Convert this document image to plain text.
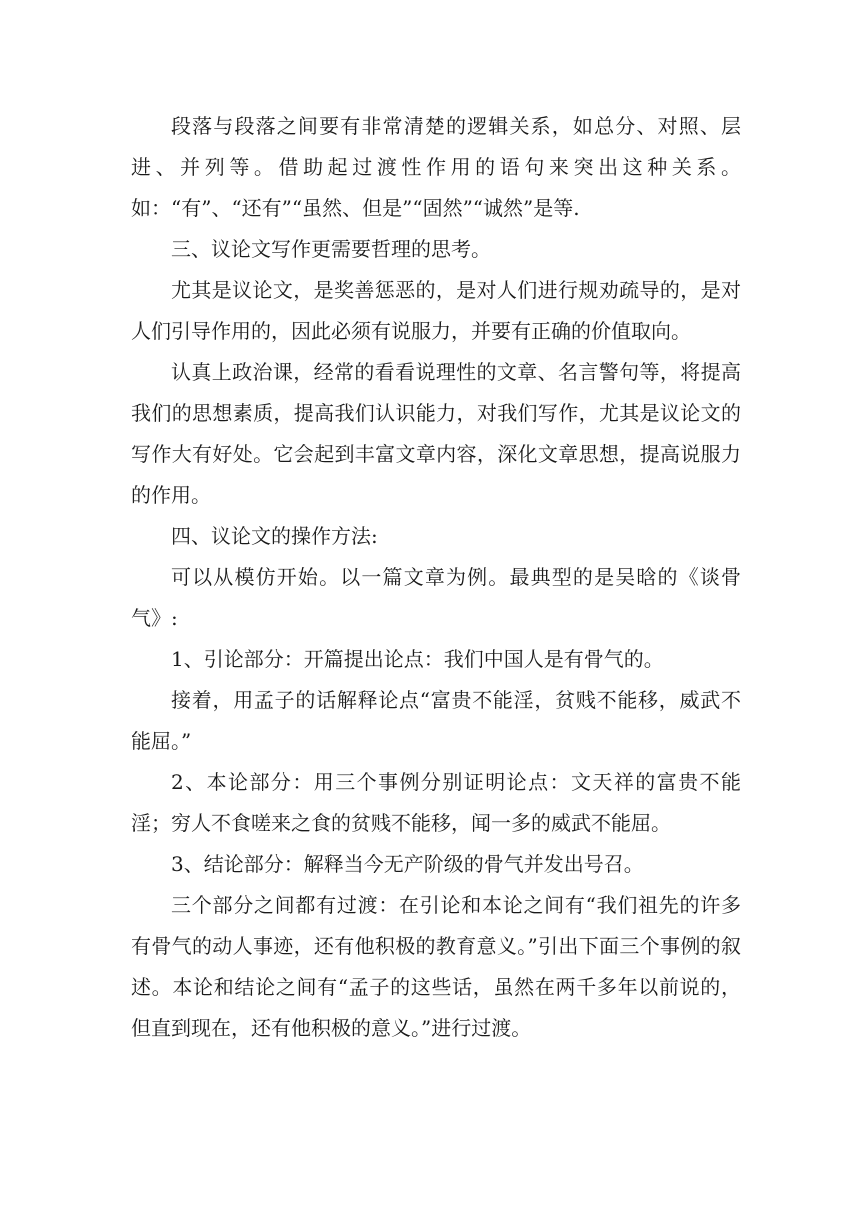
段落与段落之间要有非常清楚的逻辑关系，如总分、对照、层进、并列等。借助起过渡性作用的语句来突出这种关系。如：“有”、“还有”“虽然、但是”“固然”“诚然”是等.

三、议论文写作更需要哲理的思考。

尤其是议论文，是奖善惩恶的，是对人们进行规劝疏导的，是对人们引导作用的，因此必须有说服力，并要有正确的价值取向。

认真上政治课，经常的看看说理性的文章、名言警句等，将提高我们的思想素质，提高我们认识能力，对我们写作，尤其是议论文的写作大有好处。它会起到丰富文章内容，深化文章思想，提高说服力的作用。

四、议论文的操作方法:

可以从模仿开始。以一篇文章为例。最典型的是吴晗的《谈骨气》:

1、引论部分：开篇提出论点：我们中国人是有骨气的。

接着，用孟子的话解释论点“富贵不能淫，贫贱不能移，威武不能屈。”

2、本论部分：用三个事例分别证明论点：文天祥的富贵不能淫；穷人不食嗟来之食的贫贱不能移，闻一多的威武不能屈。

3、结论部分：解释当今无产阶级的骨气并发出号召。

三个部分之间都有过渡：在引论和本论之间有“我们祖先的许多有骨气的动人事迹，还有他积极的教育意义。”引出下面三个事例的叙述。本论和结论之间有“孟子的这些话，虽然在两千多年以前说的，但直到现在，还有他积极的意义。”进行过渡。
